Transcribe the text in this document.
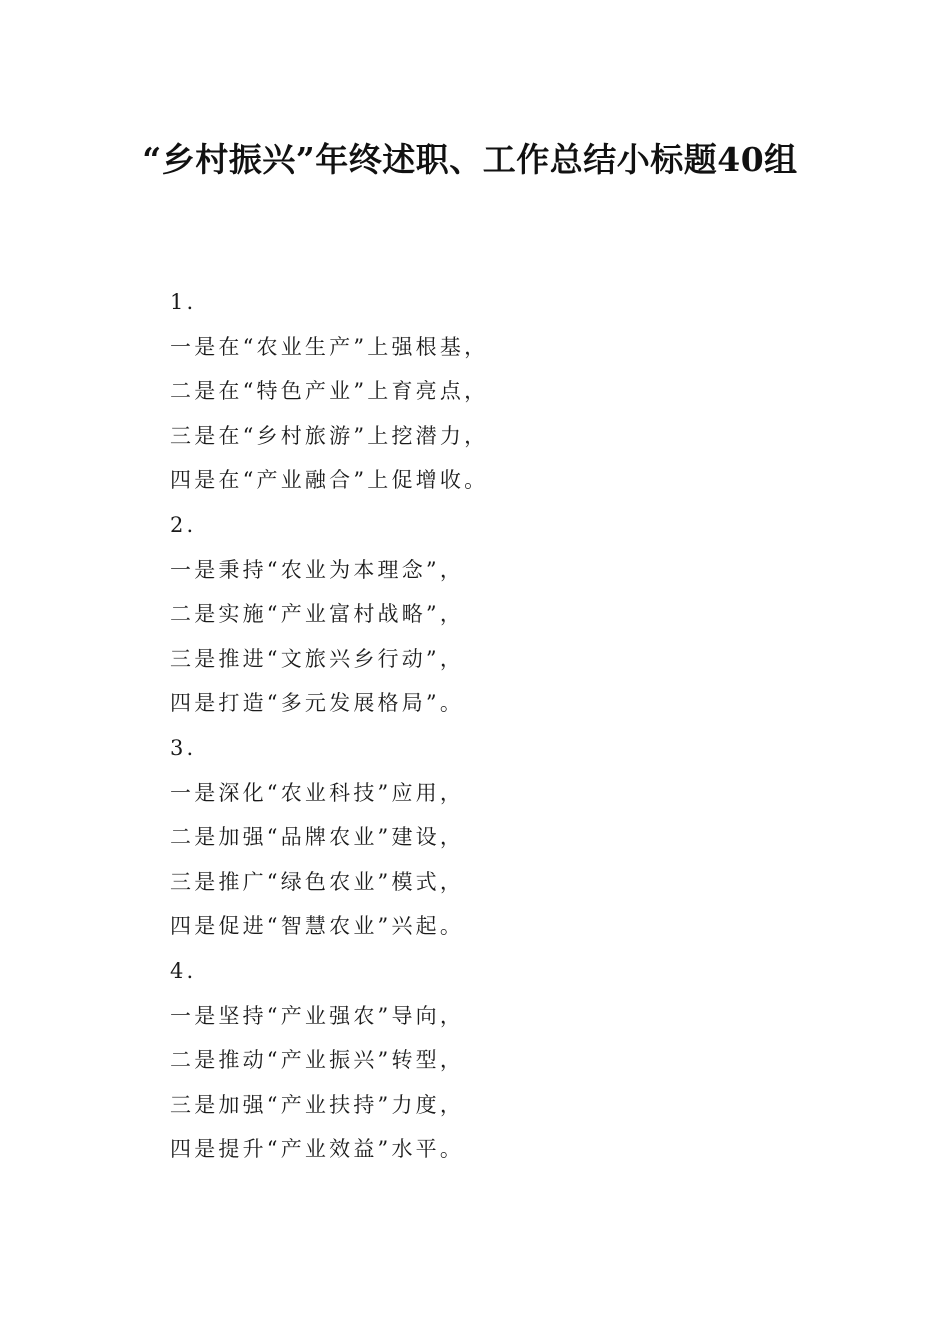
“乡村振兴”年终述职、工作总结小标题40组
1.
一是在“农业生产”上强根基，
二是在“特色产业”上育亮点，
三是在“乡村旅游”上挖潜力，
四是在“产业融合”上促增收。
2.
一是秉持“农业为本理念”，
二是实施“产业富村战略”，
三是推进“文旅兴乡行动”，
四是打造“多元发展格局”。
3.
一是深化“农业科技”应用，
二是加强“品牌农业”建设，
三是推广“绿色农业”模式，
四是促进“智慧农业”兴起。
4.
一是坚持“产业强农”导向，
二是推动“产业振兴”转型，
三是加强“产业扶持”力度，
四是提升“产业效益”水平。
